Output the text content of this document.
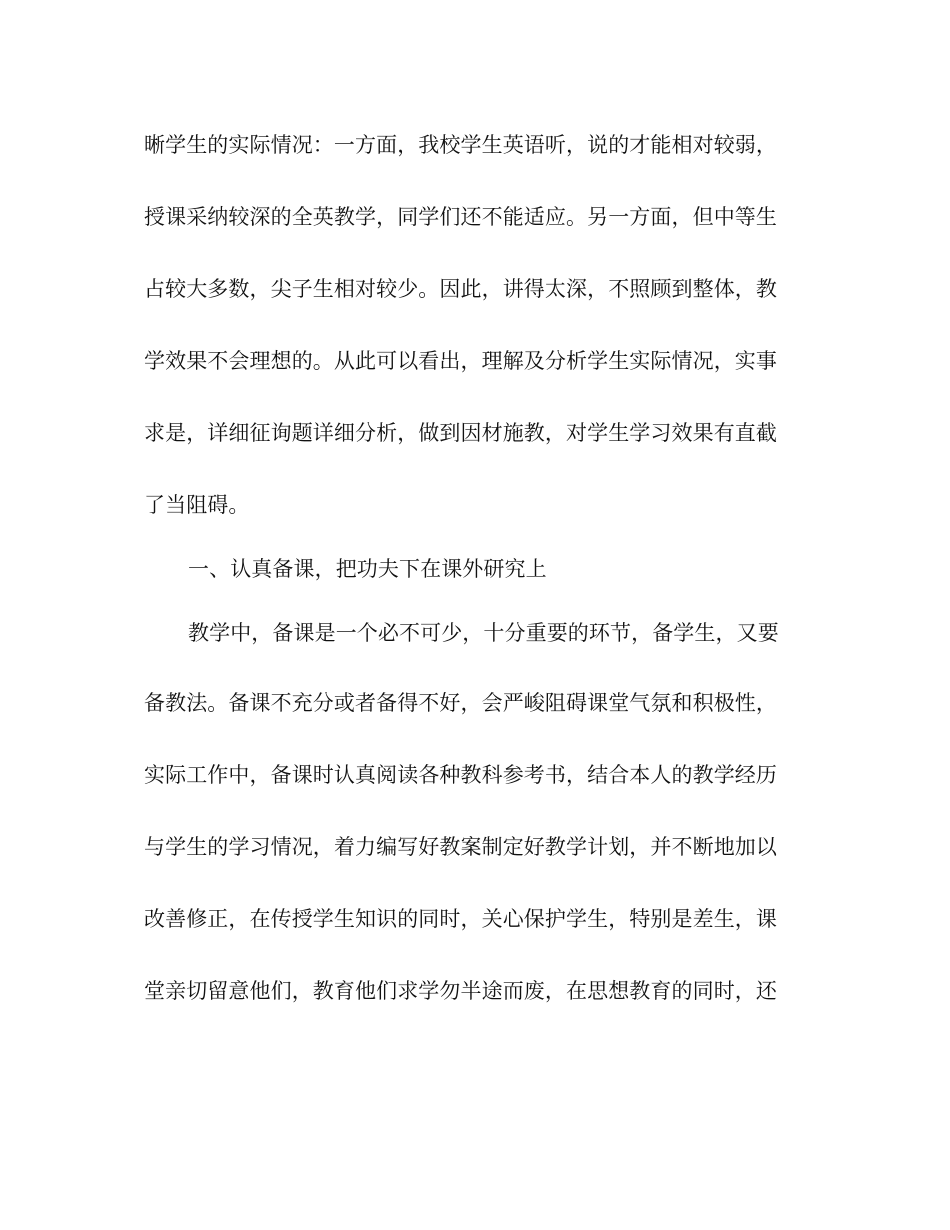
晰学生的实际情况：一方面，我校学生英语听，说的才能相对较弱，
授课采纳较深的全英教学，同学们还不能适应。另一方面，但中等生
占较大多数，尖子生相对较少。因此，讲得太深，不照顾到整体，教
学效果不会理想的。从此可以看出，理解及分析学生实际情况，实事
求是，详细征询题详细分析，做到因材施教，对学生学习效果有直截
了当阻碍。
一、认真备课，把功夫下在课外研究上
教学中，备课是一个必不可少，十分重要的环节，备学生，又要
备教法。备课不充分或者备得不好，会严峻阻碍课堂气氛和积极性，
实际工作中，备课时认真阅读各种教科参考书，结合本人的教学经历
与学生的学习情况，着力编写好教案制定好教学计划，并不断地加以
改善修正，在传授学生知识的同时，关心保护学生，特别是差生，课
堂亲切留意他们，教育他们求学勿半途而废，在思想教育的同时，还
